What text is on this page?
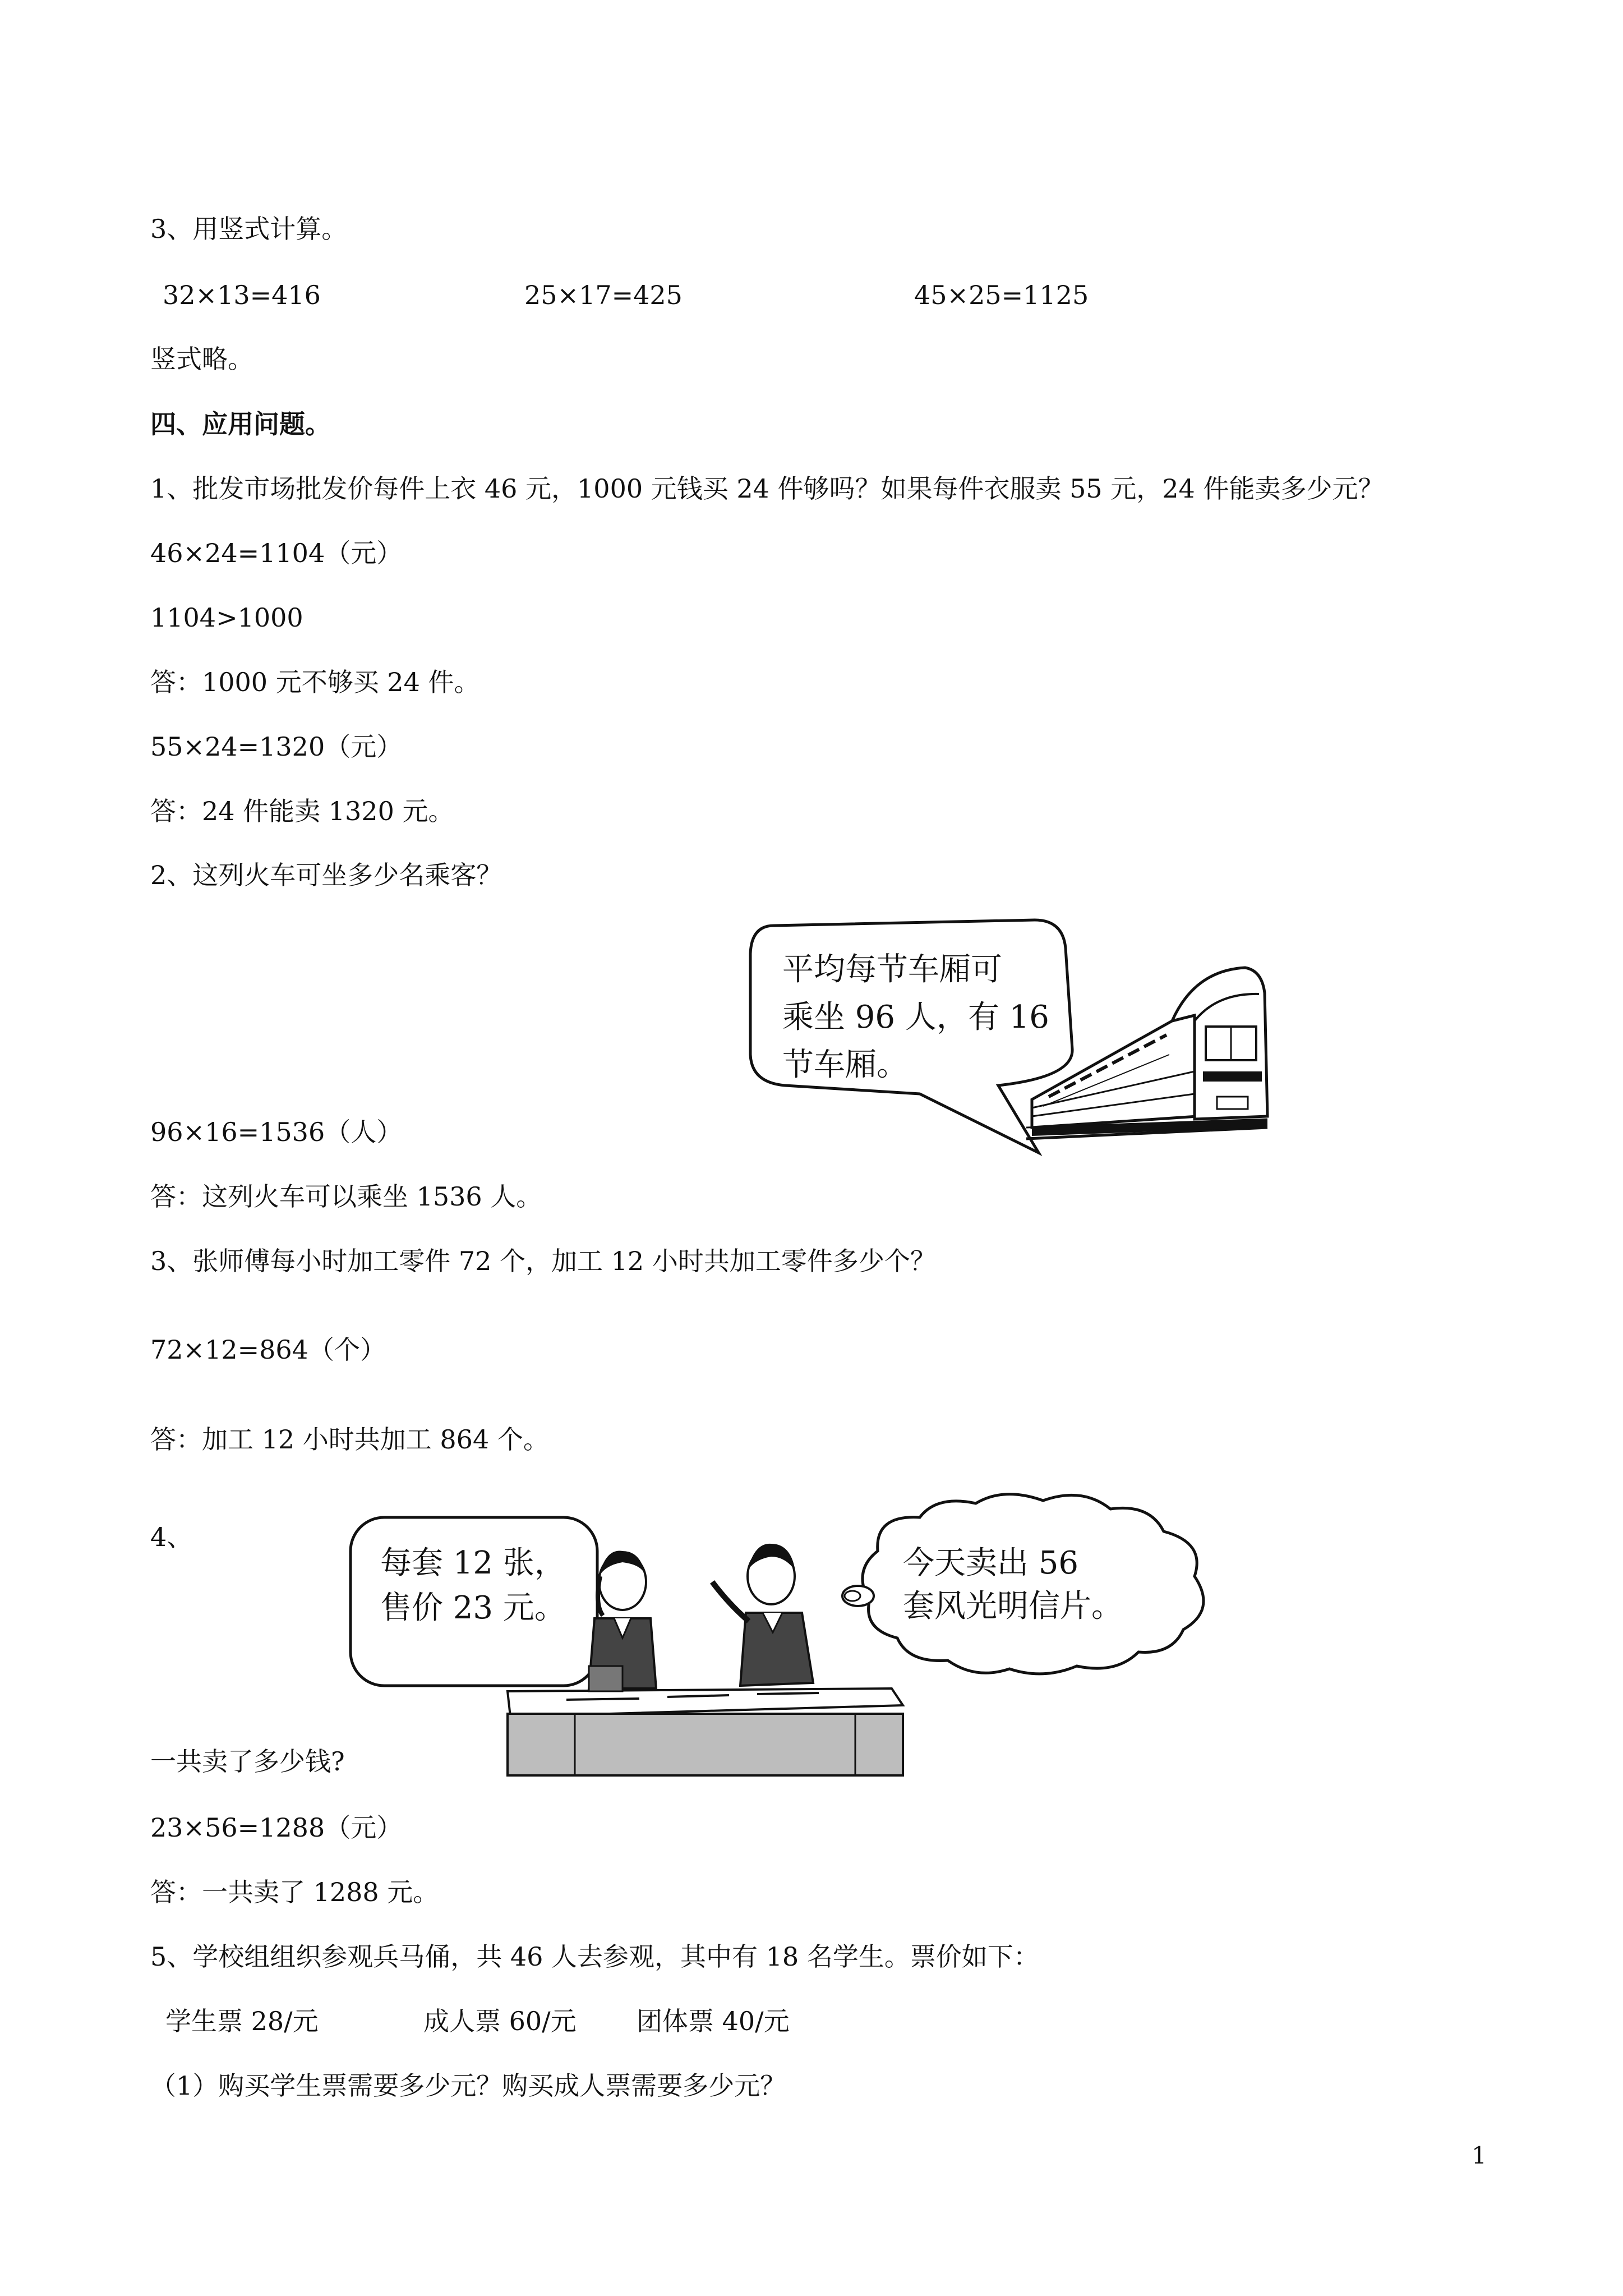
3、用竖式计算。
32×13=416	25×17=425	45×25=1125
竖式略。
四、应用问题。
1、批发市场批发价每件上衣 46 元，1000 元钱买 24 件够吗？如果每件衣服卖 55 元，24 件能卖多少元？
46×24=1104（元）
1104>1000
答：1000 元不够买 24 件。
55×24=1320（元）
答：24 件能卖 1320 元。
2、这列火车可坐多少名乘客？
平均每节车厢可
乘坐 96 人，有 16
节车厢。
96×16=1536（人）
答：这列火车可以乘坐 1536 人。
3、张师傅每小时加工零件 72 个，加工 12 小时共加工零件多少个？
72×12=864（个）
答：加工 12 小时共加工 864 个。
4、
每套 12 张，
售价 23 元。
今天卖出 56
套风光明信片。
一共卖了多少钱?
23×56=1288（元）
答：一共卖了 1288 元。
5、学校组组织参观兵马俑，共 46 人去参观，其中有 18 名学生。票价如下：
学生票 28/元	成人票 60/元 团体票 40/元
（1）购买学生票需要多少元？购买成人票需要多少元？
1
